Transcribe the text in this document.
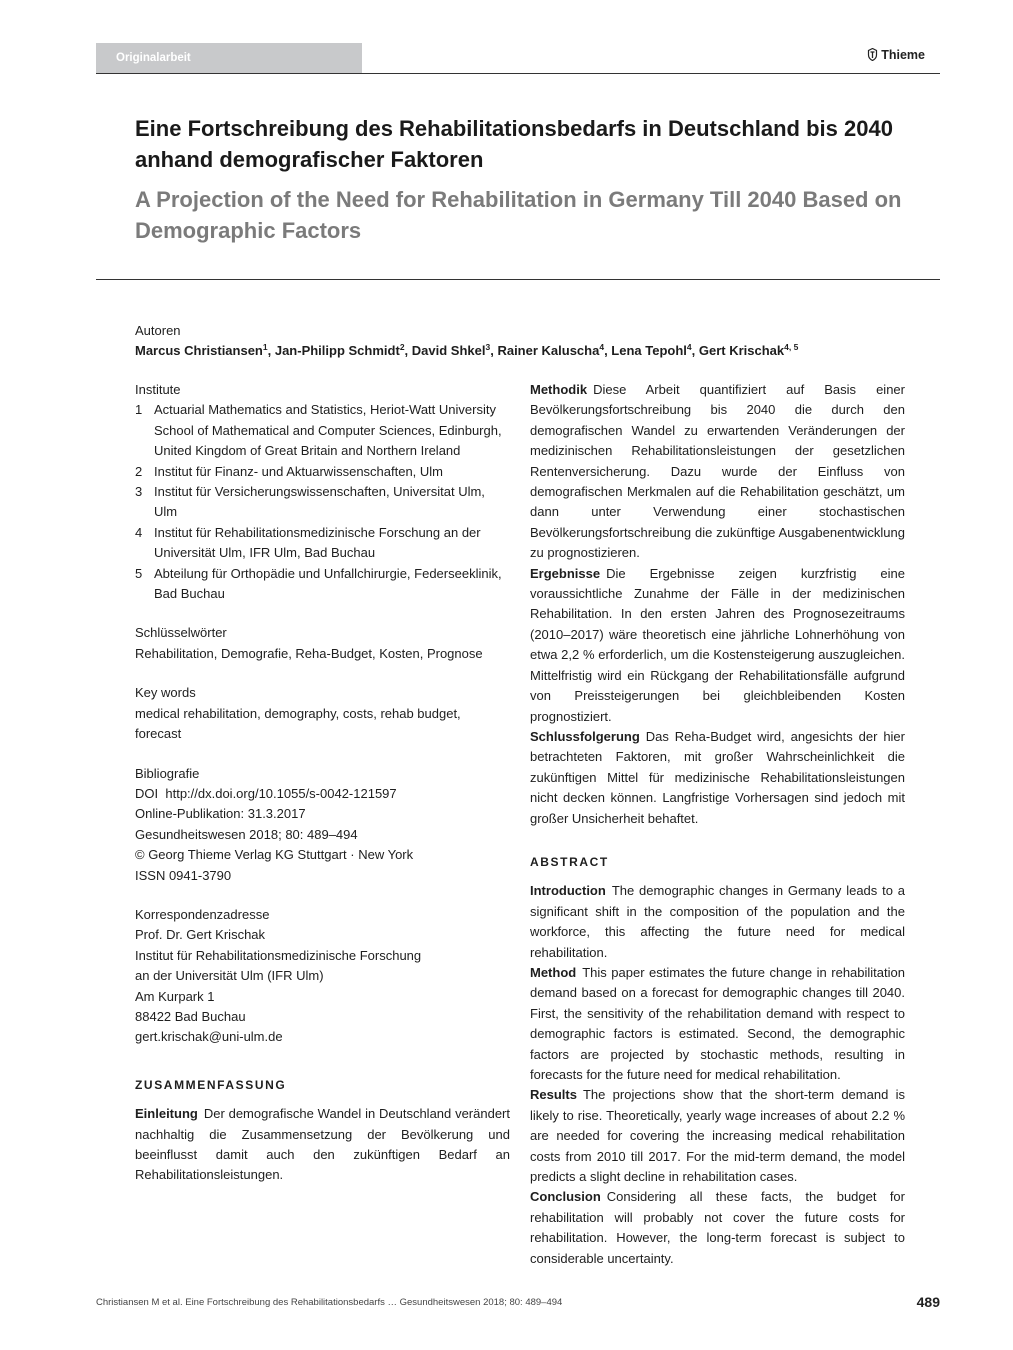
Originalarbeit	Thieme
Eine Fortschreibung des Rehabilitationsbedarfs in Deutschland bis 2040 anhand demografischer Faktoren
A Projection of the Need for Rehabilitation in Germany Till 2040 Based on Demographic Factors
Autoren
Marcus Christiansen$^1$, Jan-Philipp Schmidt$^2$, David Shkel$^3$, Rainer Kaluscha$^4$, Lena Tepohl$^4$, Gert Krischak$^{4, 5}$
Institute
1 Actuarial Mathematics and Statistics, Heriot-Watt University School of Mathematical and Computer Sciences, Edinburgh, United Kingdom of Great Britain and Northern Ireland
2 Institut für Finanz- und Aktuarwissenschaften, Ulm
3 Institut für Versicherungswissenschaften, Universitat Ulm, Ulm
4 Institut für Rehabilitationsmedizinische Forschung an der Universität Ulm, IFR Ulm, Bad Buchau
5 Abteilung für Orthopädie und Unfallchirurgie, Federseeklinik, Bad Buchau
Schlüsselwörter
Rehabilitation, Demografie, Reha-Budget, Kosten, Prognose
Key words
medical rehabilitation, demography, costs, rehab budget, forecast
Bibliografie
DOI http://dx.doi.org/10.1055/s-0042-121597
Online-Publikation: 31.3.2017
Gesundheitswesen 2018; 80: 489–494
© Georg Thieme Verlag KG Stuttgart · New York
ISSN 0941-3790
Korrespondenzadresse
Prof. Dr. Gert Krischak
Institut für Rehabilitationsmedizinische Forschung
an der Universität Ulm (IFR Ulm)
Am Kurpark 1
88422 Bad Buchau
gert.krischak@uni-ulm.de
ZUSAMMENFASSUNG

Einleitung Der demografische Wandel in Deutschland verändert nachhaltig die Zusammensetzung der Bevölkerung und beeinflusst damit auch den zukünftigen Bedarf an Rehabilitationsleistungen.

Methodik Diese Arbeit quantifiziert auf Basis einer Bevölkerungsfortschreibung bis 2040 die durch den demografischen Wandel zu erwartenden Veränderungen der medizinischen Rehabilitationsleistungen der gesetzlichen Rentenversicherung. Dazu wurde der Einfluss von demografischen Merkmalen auf die Rehabilitation geschätzt, um dann unter Verwendung einer stochastischen Bevölkerungsfortschreibung die zukünftige Ausgabenentwicklung zu prognostizieren.

Ergebnisse Die Ergebnisse zeigen kurzfristig eine voraussichtliche Zunahme der Fälle in der medizinischen Rehabilitation. In den ersten Jahren des Prognosezeitraums (2010–2017) wäre theoretisch eine jährliche Lohnerhöhung von etwa 2,2 % erforderlich, um die Kostensteigerung auszugleichen. Mittelfristig wird ein Rückgang der Rehabilitationsfälle aufgrund von Preissteigerungen bei gleichbleibenden Kosten prognostiziert.

Schlussfolgerung Das Reha-Budget wird, angesichts der hier betrachteten Faktoren, mit großer Wahrscheinlichkeit die zukünftigen Mittel für medizinische Rehabilitationsleistungen nicht decken können. Langfristige Vorhersagen sind jedoch mit großer Unsicherheit behaftet.

ABSTRACT

Introduction The demographic changes in Germany leads to a significant shift in the composition of the population and the workforce, this affecting the future need for medical rehabilitation.

Method This paper estimates the future change in rehabilitation demand based on a forecast for demographic changes till 2040. First, the sensitivity of the rehabilitation demand with respect to demographic factors is estimated. Second, the demographic factors are projected by stochastic methods, resulting in forecasts for the future need for medical rehabilitation.

Results The projections show that the short-term demand is likely to rise. Theoretically, yearly wage increases of about 2.2 % are needed for covering the increasing medical rehabilitation costs from 2010 till 2017. For the mid-term demand, the model predicts a slight decline in rehabilitation cases.

Conclusion Considering all these facts, the budget for rehabilitation will probably not cover the future costs for rehabilitation. However, the long-term forecast is subject to considerable uncertainty.

Christiansen M et al. Eine Fortschreibung des Rehabilitationsbedarfs … Gesundheitswesen 2018; 80: 489–494	489
